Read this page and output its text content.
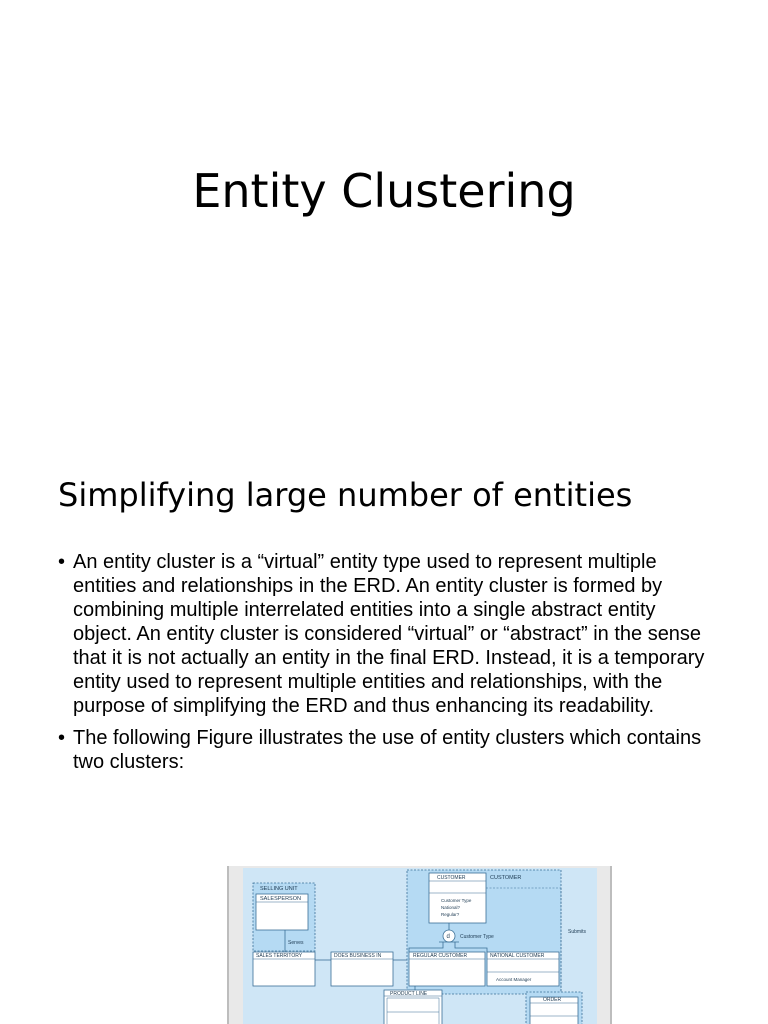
Entity Clustering
Simplifying large number of entities
• An entity cluster is a “virtual” entity type used to represent multiple entities and relationships in the ERD. An entity cluster is formed by combining multiple interrelated entities into a single abstract entity object. An entity cluster is considered “virtual” or “abstract” in the sense that it is not actually an entity in the final ERD. Instead, it is a temporary entity used to represent multiple entities and relationships, with the purpose of simplifying the ERD and thus enhancing its readability.
• The following Figure illustrates the use of entity clusters which contains two clusters:
SELLING UNIT
SALESPERSON
Serves
SALES TERRITORY	DOES BUSINESS IN
CUSTOMER
CUSTOMER
Customer Type
National?
Regular?
Submits
d Customer Type
REGULAR CUSTOMER	NATIONAL CUSTOMER
Account Manager
PRODUCT LINE
ORDER
